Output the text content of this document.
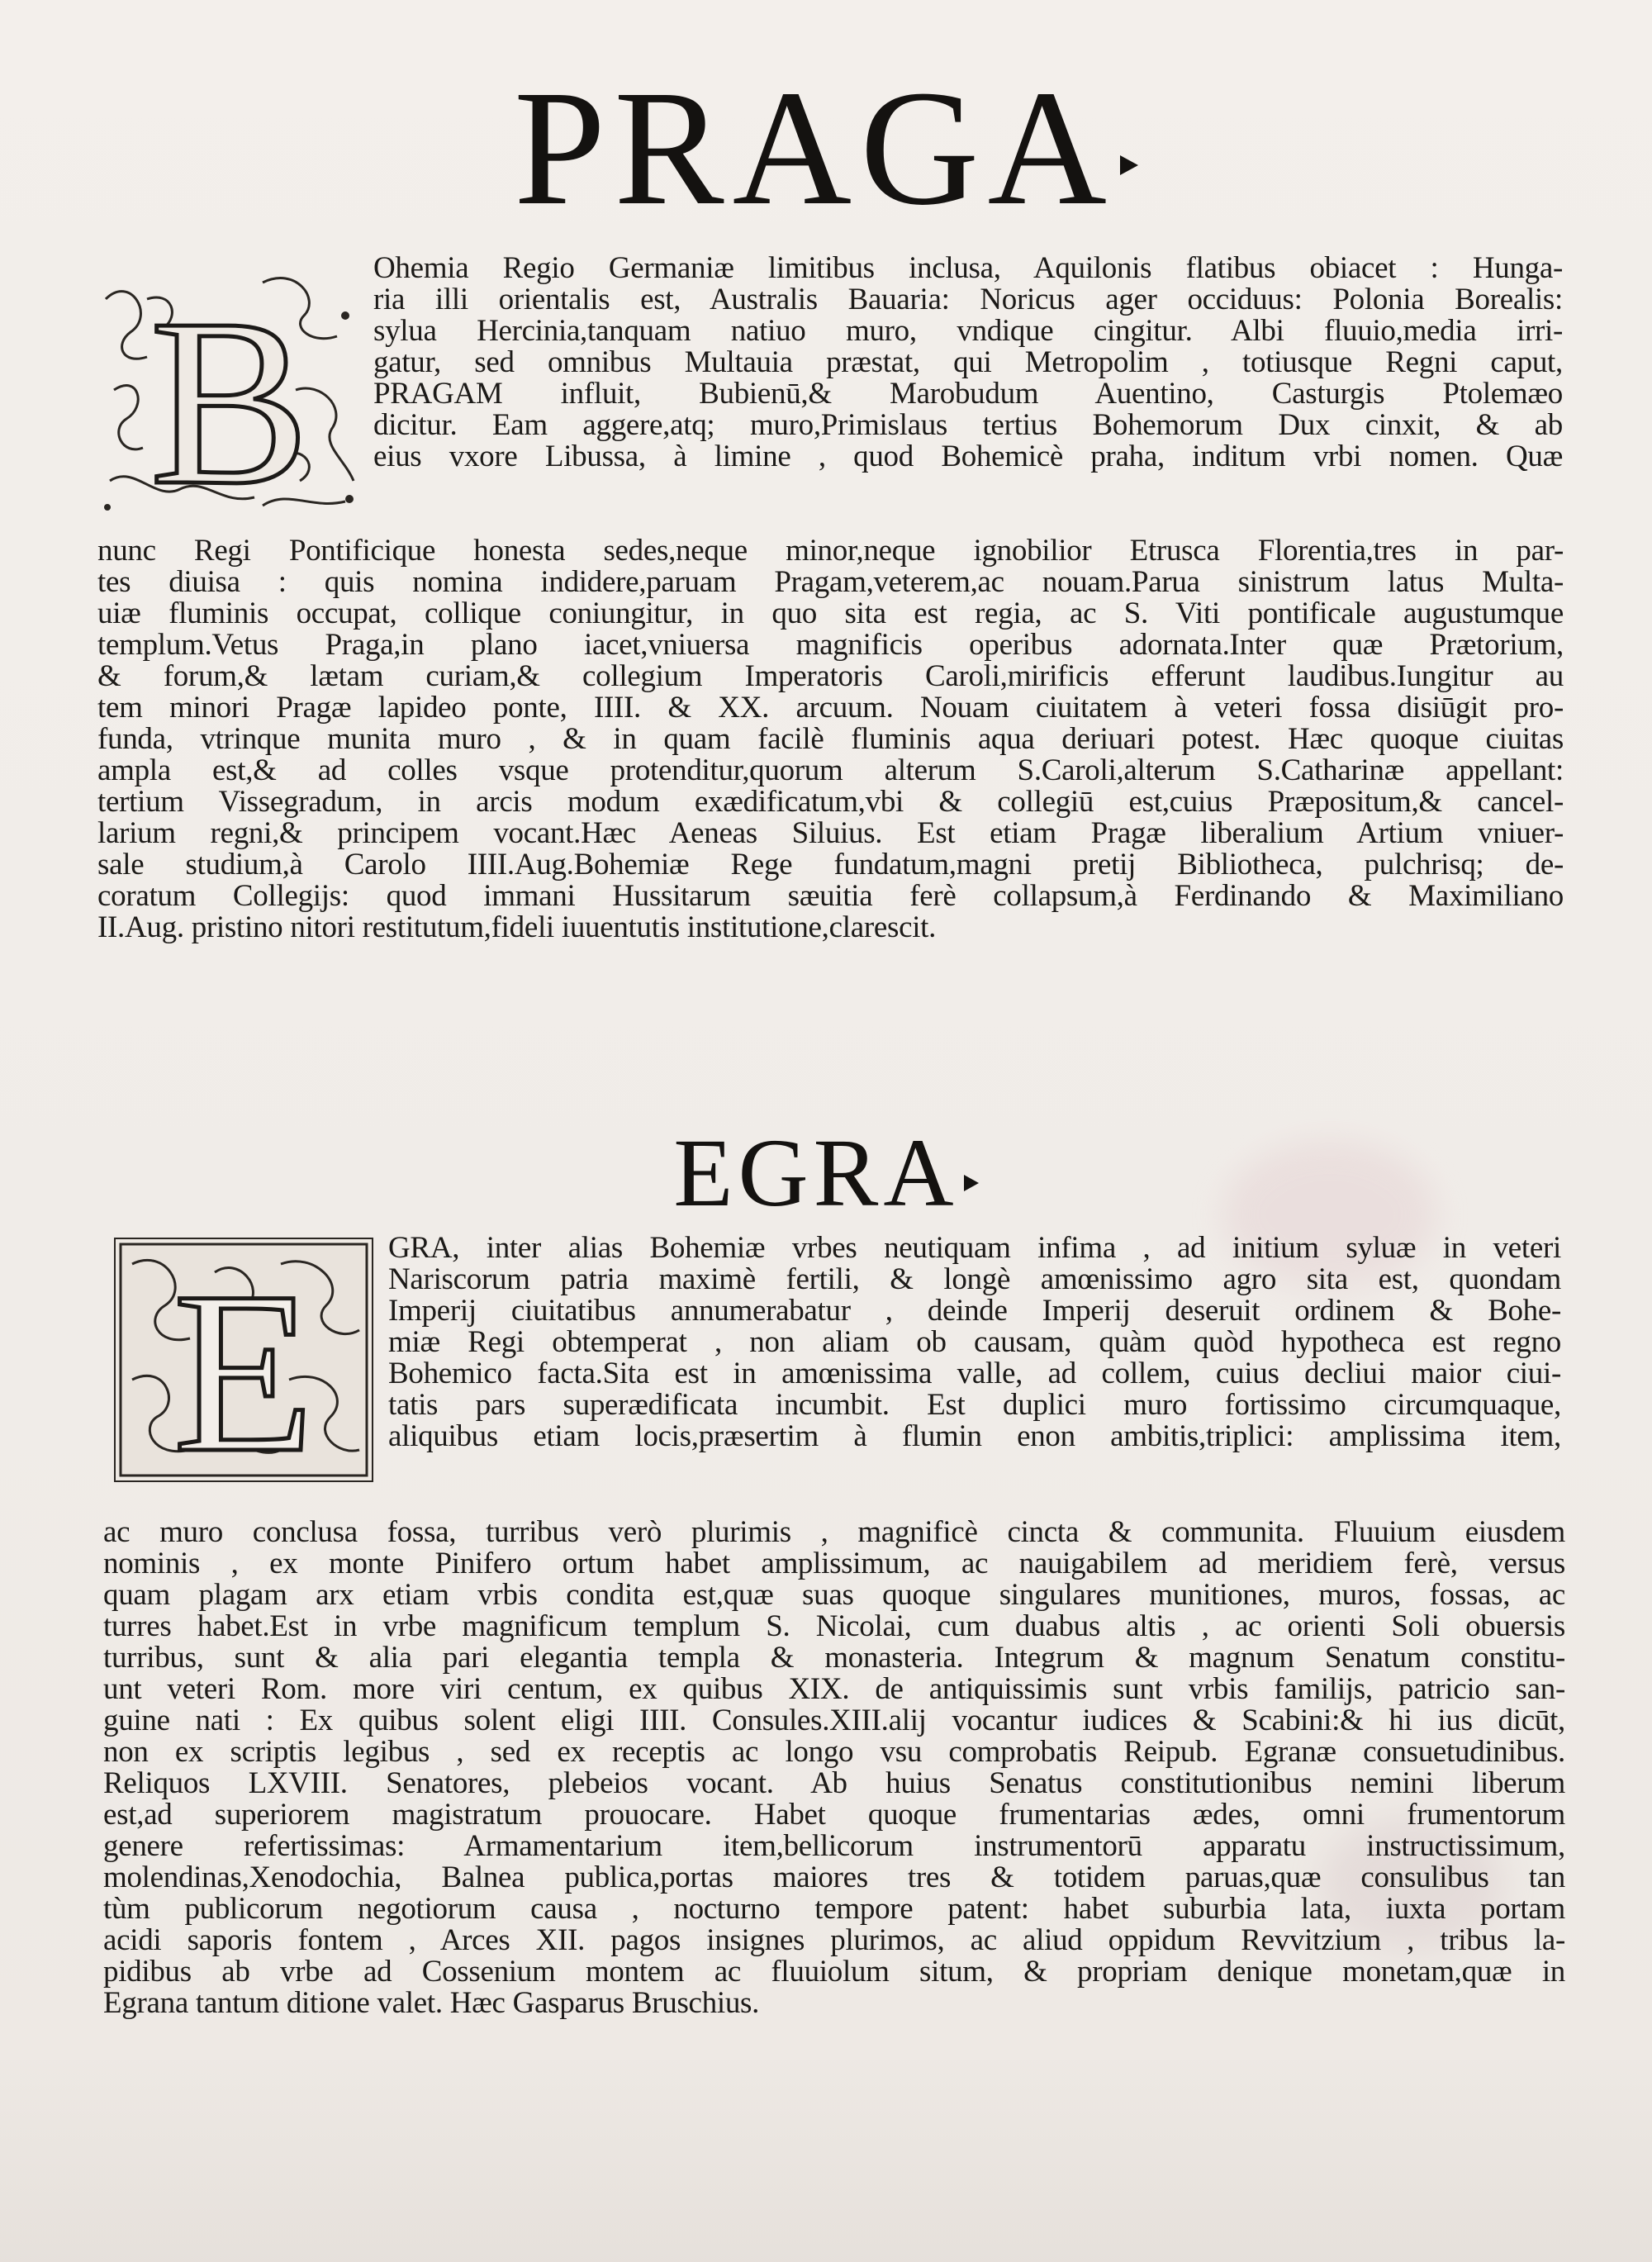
PRAGA
B
Ohemia Regio Germaniæ limitibus inclusa, Aquilonis flatibus obiacet : Hunga-
ria illi orientalis est, Australis Bauaria: Noricus ager occiduus: Polonia Borealis:
sylua Hercinia,tanquam natiuo muro, vndique cingitur. Albi fluuio,media irri-
gatur, sed omnibus Multauia præstat, qui Metropolim , totiusque Regni caput,
PRAGAM influit, Bubienū,& Marobudum Auentino, Casturgis Ptolemæo
dicitur. Eam aggere,atq; muro,Primislaus tertius Bohemorum Dux cinxit, & ab
eius vxore Libussa, à limine , quod Bohemicè praha, inditum vrbi nomen. Quæ
nunc Regi Pontificique honesta sedes,neque minor,neque ignobilior Etrusca Florentia,tres in par-
tes diuisa : quis nomina indidere,paruam Pragam,veterem,ac nouam.Parua sinistrum latus Multa-
uiæ fluminis occupat, collique coniungitur, in quo sita est regia, ac S. Viti pontificale augustumque
templum.Vetus Praga,in plano iacet,vniuersa magnificis operibus adornata.Inter quæ Prætorium,
& forum,& lætam curiam,& collegium Imperatoris Caroli,mirificis efferunt laudibus.Iungitur au
tem minori Pragæ lapideo ponte, IIII. & XX. arcuum. Nouam ciuitatem à veteri fossa disiūgit pro-
funda, vtrinque munita muro , & in quam facilè fluminis aqua deriuari potest. Hæc quoque ciuitas
ampla est,& ad colles vsque protenditur,quorum alterum S.Caroli,alterum S.Catharinæ appellant:
tertium Vissegradum, in arcis modum exædificatum,vbi & collegiū est,cuius Præpositum,& cancel-
larium regni,& principem vocant.Hæc Aeneas Siluius. Est etiam Pragæ liberalium Artium vniuer-
sale studium,à Carolo IIII.Aug.Bohemiæ Rege fundatum,magni pretij Bibliotheca, pulchrisq; de-
coratum Collegijs: quod immani Hussitarum sæuitia ferè collapsum,à Ferdinando & Maximiliano
II.Aug. pristino nitori restitutum,fideli iuuentutis institutione,clarescit.
EGRA
E GRA, inter alias Bohemiæ vrbes neutiquam infima , ad initium syluæ in veteri
Nariscorum patria maximè fertili, & longè amœnissimo agro sita est, quondam
Imperij ciuitatibus annumerabatur , deinde Imperij deseruit ordinem & Bohe-
miæ Regi obtemperat , non aliam ob causam, quàm quòd hypotheca est regno
Bohemico facta.Sita est in amœnissima valle, ad collem, cuius decliui maior ciui-
tatis pars superædificata incumbit. Est duplici muro fortissimo circumquaque,
aliquibus etiam locis,præsertim à flumin enon ambitis,triplici: amplissima item,
ac muro conclusa fossa, turribus verò plurimis , magnificè cincta & communita. Fluuium eiusdem
nominis , ex monte Pinifero ortum habet amplissimum, ac nauigabilem ad meridiem ferè, versus
quam plagam arx etiam vrbis condita est,quæ suas quoque singulares munitiones, muros, fossas, ac
turres habet.Est in vrbe magnificum templum S. Nicolai, cum duabus altis , ac orienti Soli obuersis
turribus, sunt & alia pari elegantia templa & monasteria. Integrum & magnum Senatum constitu-
unt veteri Rom. more viri centum, ex quibus XIX. de antiquissimis sunt vrbis familijs, patricio san-
guine nati : Ex quibus solent eligi IIII. Consules.XIII.alij vocantur iudices & Scabini:& hi ius dicūt,
non ex scriptis legibus , sed ex receptis ac longo vsu comprobatis Reipub. Egranæ consuetudinibus.
Reliquos LXVIII. Senatores, plebeios vocant. Ab huius Senatus constitutionibus nemini liberum
est,ad superiorem magistratum prouocare. Habet quoque frumentarias ædes, omni frumentorum
genere refertissimas: Armamentarium item,bellicorum instrumentorū apparatu instructissimum,
molendinas,Xenodochia, Balnea publica,portas maiores tres & totidem paruas,quæ consulibus tan
tùm publicorum negotiorum causa , nocturno tempore patent: habet suburbia lata, iuxta portam
acidi saporis fontem , Arces XII. pagos insignes plurimos, ac aliud oppidum Revvitzium , tribus la-
pidibus ab vrbe ad Cossenium montem ac fluuiolum situm, & propriam denique monetam,quæ in
Egrana tantum ditione valet. Hæc Gasparus Bruschius.
